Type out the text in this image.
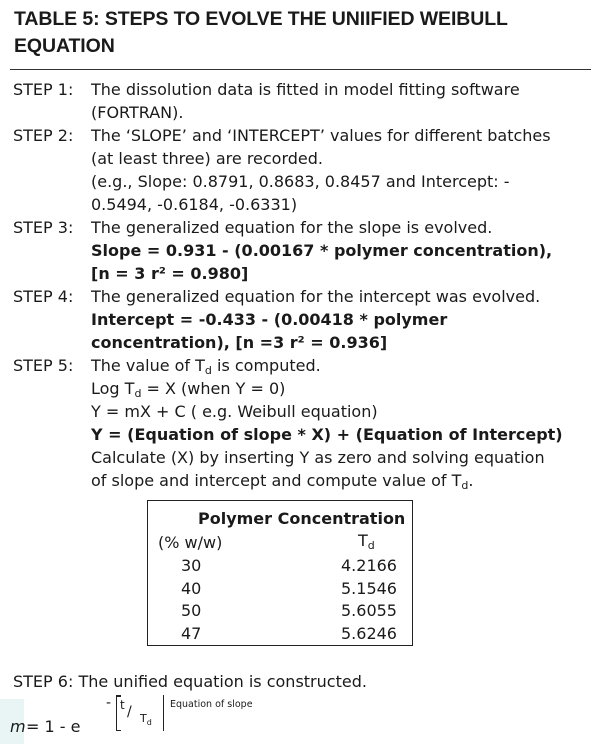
TABLE 5: STEPS TO EVOLVE THE UNIIFIED WEIBULL EQUATION
STEP 1:	The dissolution data is fitted in model fitting software
(FORTRAN).
STEP 2:	The ‘SLOPE’ and ‘INTERCEPT’ values for different batches
(at least three) are recorded.
(e.g., Slope: 0.8791, 0.8683, 0.8457 and Intercept: -
0.5494, -0.6184, -0.6331)
STEP 3:	The generalized equation for the slope is evolved.
Slope = 0.931 - (0.00167 * polymer concentration),
[n = 3 r² = 0.980]
STEP 4:	The generalized equation for the intercept was evolved.
Intercept = -0.433 - (0.00418 * polymer
concentration), [n =3 r² = 0.936]
STEP 5:	The value of $T_d$ is computed.
Log $T_d = X$ (when Y = 0)
Y = mX + C ( e.g. Weibull equation)
Y = (Equation of slope * X) + (Equation of Intercept)
Calculate (X) by inserting Y as zero and solving equation
of slope and intercept and compute value of $T_d$.
Polymer Concentration
(% w/w)	$T_d$
30	4.2166
40	5.1546
50	5.6055
47	5.6246
STEP 6: The unified equation is constructed.
m = 1 - e
- t / $T_d$
Equation of slope
